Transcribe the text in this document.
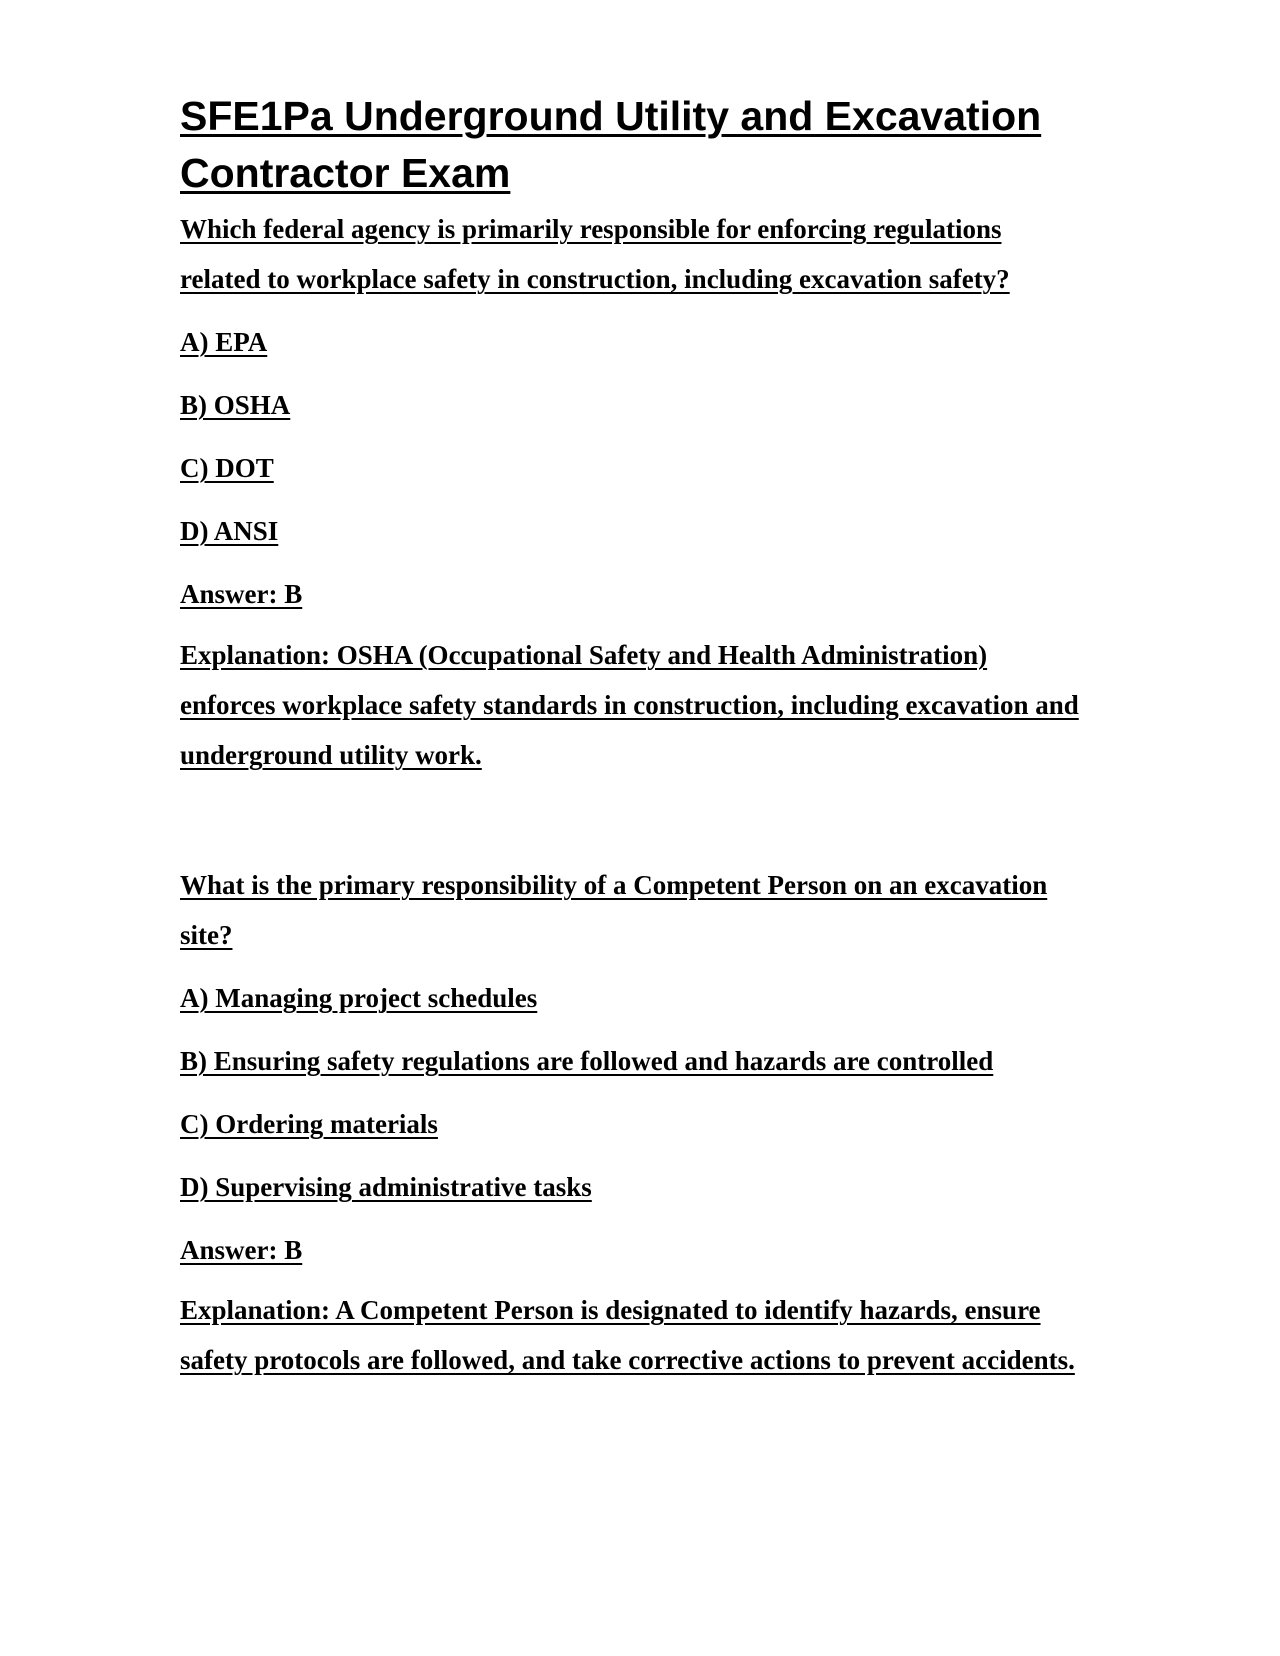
SFE1Pa Underground Utility and Excavation Contractor Exam

Which federal agency is primarily responsible for enforcing regulations related to workplace safety in construction, including excavation safety?

A) EPA

B) OSHA

C) DOT

D) ANSI

Answer: B

Explanation: OSHA (Occupational Safety and Health Administration) enforces workplace safety standards in construction, including excavation and underground utility work.

What is the primary responsibility of a Competent Person on an excavation site?

A) Managing project schedules

B) Ensuring safety regulations are followed and hazards are controlled

C) Ordering materials

D) Supervising administrative tasks

Answer: B

Explanation: A Competent Person is designated to identify hazards, ensure safety protocols are followed, and take corrective actions to prevent accidents.
